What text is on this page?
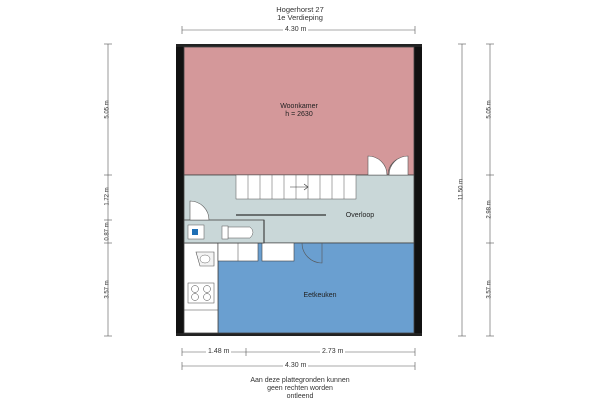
Hogerhorst 27
1e Verdieping
4.30 m
Woonkamer
h = 2630
Overloop
Eetkeuken
5.05 m
1.72 m
0.87 m
3.57 m
11.50 m
5.05 m
2.98 m
3.57 m
1.48 m	2.73 m
4.30 m
Aan deze plattegronden kunnen
geen rechten worden
ontleend
